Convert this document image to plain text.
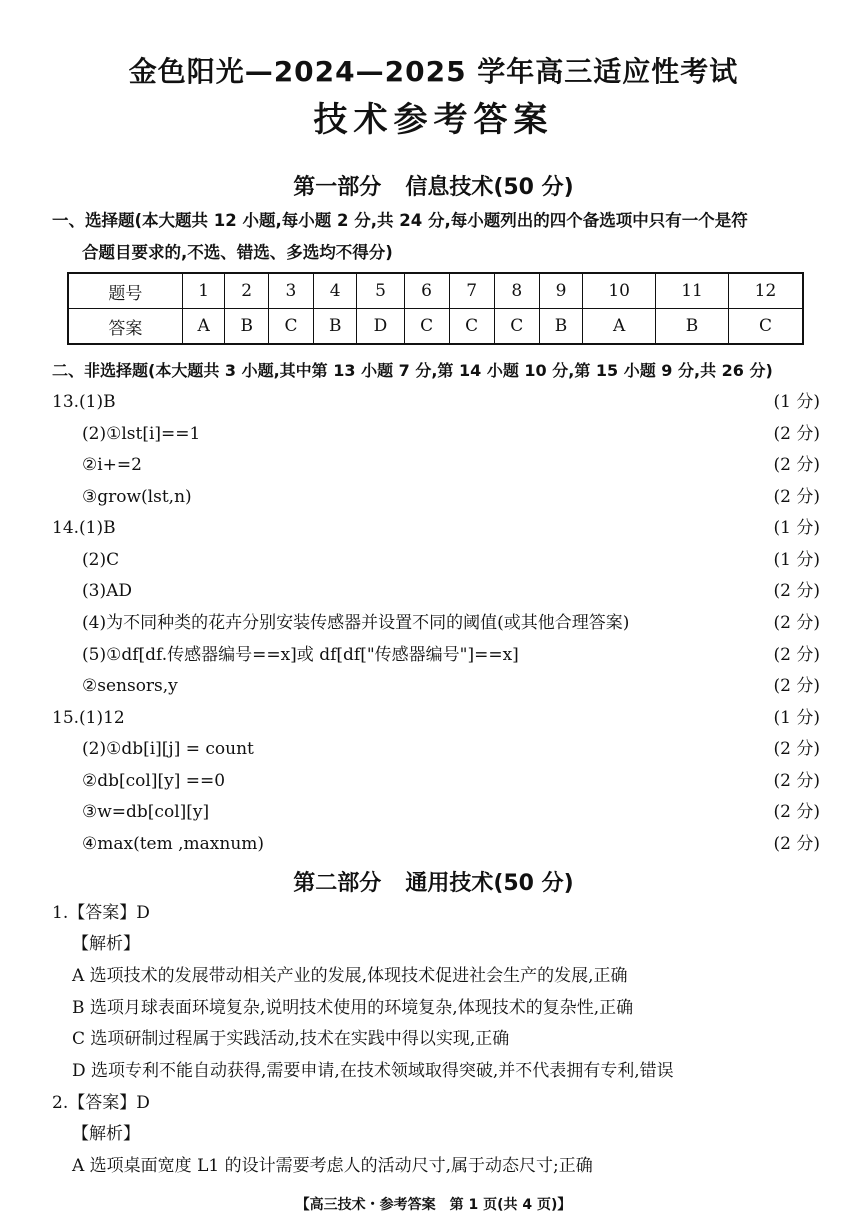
金色阳光—2024—2025 学年高三适应性考试
技术参考答案
第一部分 信息技术(50 分)
一、选择题(本大题共 12 小题,每小题 2 分,共 24 分,每小题列出的四个备选项中只有一个是符
合题目要求的,不选、错选、多选均不得分)
题号	1	2	3	4	5	6	7	8	9	10	11	12
答案	A	B	C	B	D	C	C	C	B	A	B	C
二、非选择题(本大题共 3 小题,其中第 13 小题 7 分,第 14 小题 10 分,第 15 小题 9 分,共 26 分)
13.(1)B	(1 分)
(2)①lst[i]==1	(2 分)
②i+=2	(2 分)
③grow(lst,n)	(2 分)
14.(1)B	(1 分)
(2)C	(1 分)
(3)AD	(2 分)
(4)为不同种类的花卉分别安装传感器并设置不同的阈值(或其他合理答案)	(2 分)
(5)①df[df.传感器编号==x]或 df[df["传感器编号"]==x]	(2 分)
②sensors,y	(2 分)
15.(1)12	(1 分)
(2)①db[i][j] = count	(2 分)
②db[col][y] ==0	(2 分)
③w=db[col][y]	(2 分)
④max(tem ,maxnum)	(2 分)
第二部分 通用技术(50 分)
1.【答案】D
【解析】
A 选项技术的发展带动相关产业的发展,体现技术促进社会生产的发展,正确
B 选项月球表面环境复杂,说明技术使用的环境复杂,体现技术的复杂性,正确
C 选项研制过程属于实践活动,技术在实践中得以实现,正确
D 选项专利不能自动获得,需要申请,在技术领域取得突破,并不代表拥有专利,错误
2.【答案】D
【解析】
A 选项桌面宽度 L1 的设计需要考虑人的活动尺寸,属于动态尺寸;正确
【高三技术・参考答案　第 1 页(共 4 页)】
